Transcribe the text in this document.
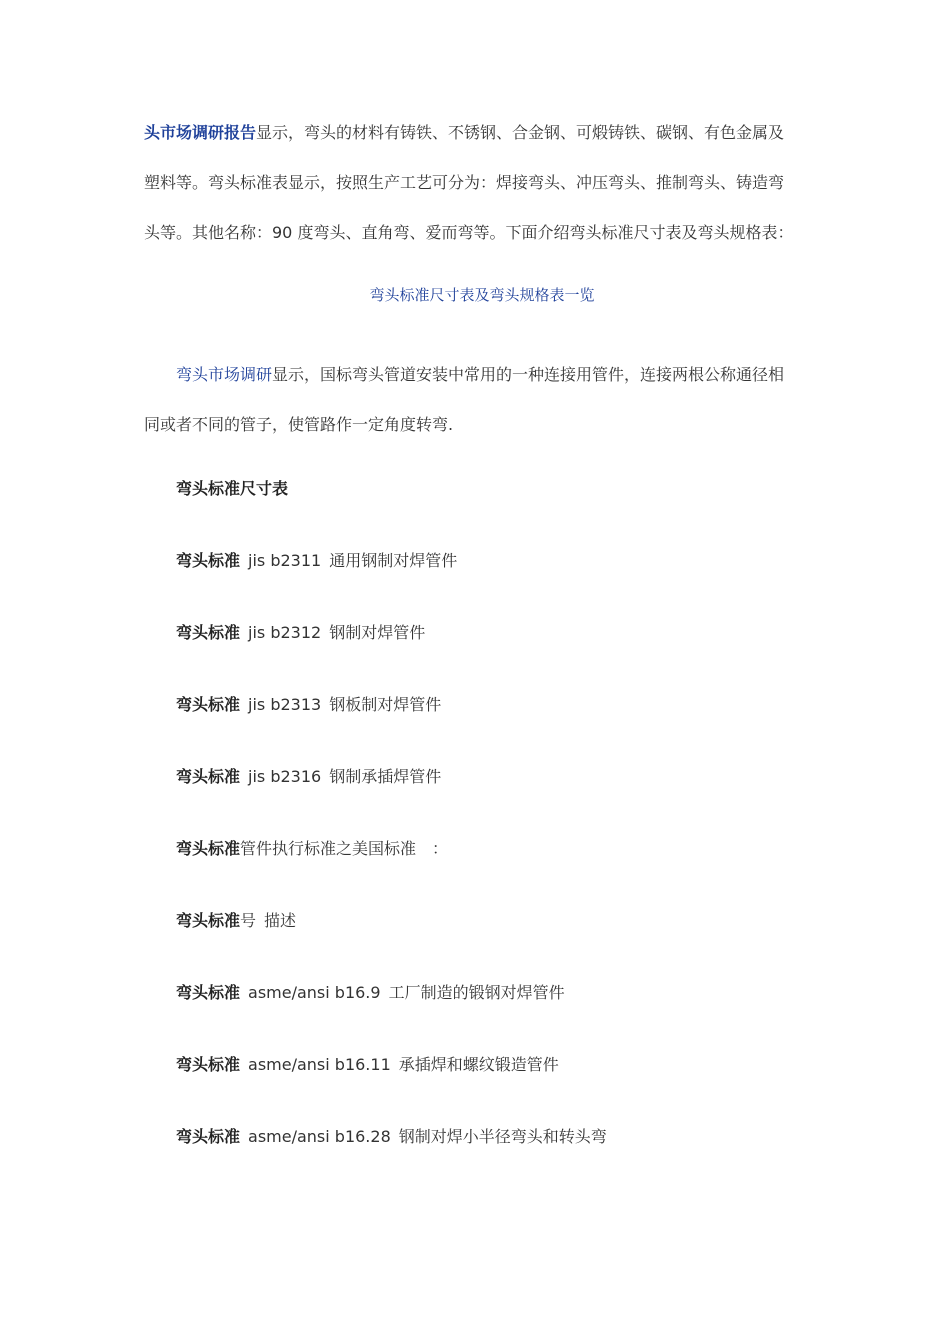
头市场调研报告显示，弯头的材料有铸铁、不锈钢、合金钢、可煅铸铁、碳钢、有色金属及
塑料等。弯头标准表显示，按照生产工艺可分为：焊接弯头、冲压弯头、推制弯头、铸造弯
头等。其他名称：90 度弯头、直角弯、爱而弯等。下面介绍弯头标准尺寸表及弯头规格表：
弯头标准尺寸表及弯头规格表一览
　　弯头市场调研显示，国标弯头管道安装中常用的一种连接用管件，连接两根公称通径相
同或者不同的管子，使管路作一定角度转弯.
弯头标准尺寸表
弯头标准 jis b2311 通用钢制对焊管件
弯头标准 jis b2312 钢制对焊管件
弯头标准 jis b2313 钢板制对焊管件
弯头标准 jis b2316 钢制承插焊管件
弯头标准管件执行标准之美国标准 ：
弯头标准号 描述
弯头标准 asme/ansi b16.9 工厂制造的锻钢对焊管件
弯头标准 asme/ansi b16.11 承插焊和螺纹锻造管件
弯头标准 asme/ansi b16.28 钢制对焊小半径弯头和转头弯
